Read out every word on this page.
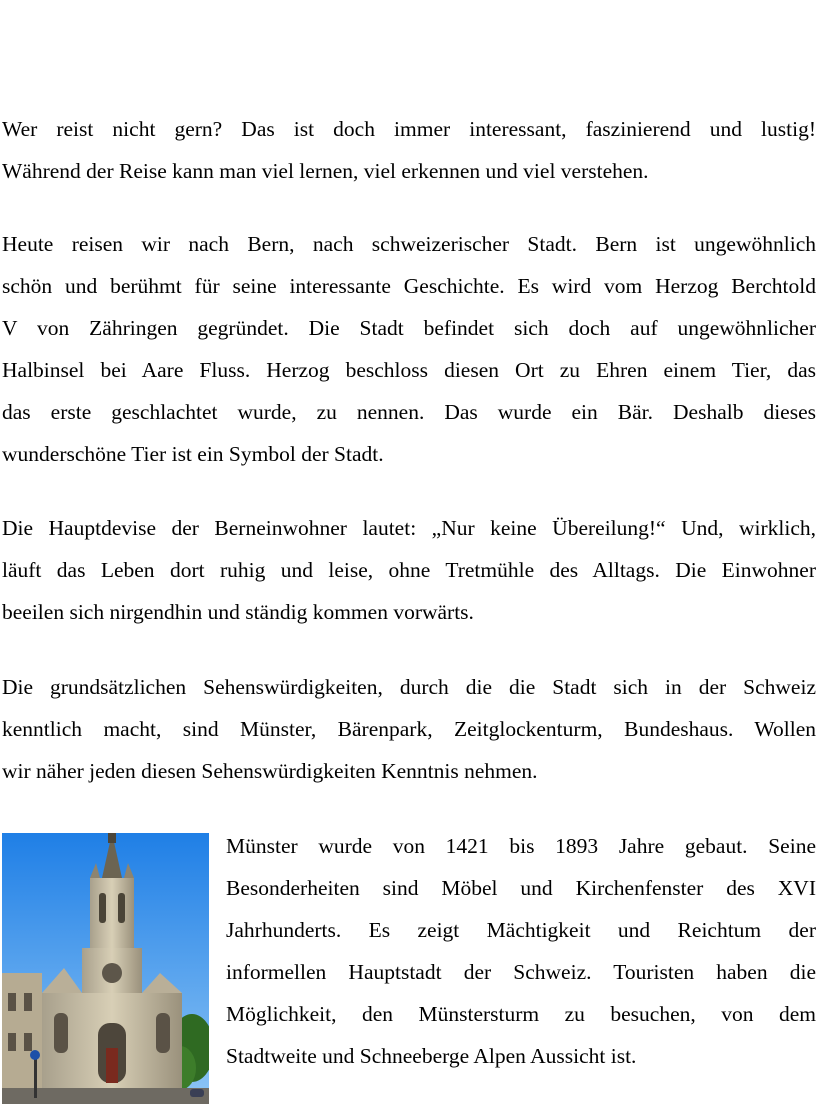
Wer reist nicht gern? Das ist doch immer interessant, faszinierend und lustig!
Während der Reise kann man viel lernen, viel erkennen und viel verstehen.
Heute reisen wir nach Bern, nach schweizerischer Stadt. Bern ist ungewöhnlich
schön und berühmt für seine interessante Geschichte. Es wird vom Herzog Berchtold
V von Zähringen gegründet. Die Stadt befindet sich doch auf ungewöhnlicher
Halbinsel bei Aare Fluss. Herzog beschloss diesen Ort zu Ehren einem Tier, das
das erste geschlachtet wurde, zu nennen. Das wurde ein Bär. Deshalb dieses
wunderschöne Tier ist ein Symbol der Stadt.
Die Hauptdevise der Berneinwohner lautet: „Nur keine Übereilung!“ Und, wirklich,
läuft das Leben dort ruhig und leise, ohne Tretmühle des Alltags. Die Einwohner
beeilen sich nirgendhin und ständig kommen vorwärts.
Die grundsätzlichen Sehenswürdigkeiten, durch die die Stadt sich in der Schweiz
kenntlich macht, sind Münster, Bärenpark, Zeitglockenturm, Bundeshaus. Wollen
wir näher jeden diesen Sehenswürdigkeiten Kenntnis nehmen.
Münster wurde von 1421 bis 1893 Jahre gebaut. Seine
Besonderheiten sind Möbel und Kirchenfenster des XVI
Jahrhunderts. Es zeigt Mächtigkeit und Reichtum der
informellen Hauptstadt der Schweiz. Touristen haben die
Möglichkeit, den Münstersturm zu besuchen, von dem
Stadtweite und Schneeberge Alpen Aussicht ist.
